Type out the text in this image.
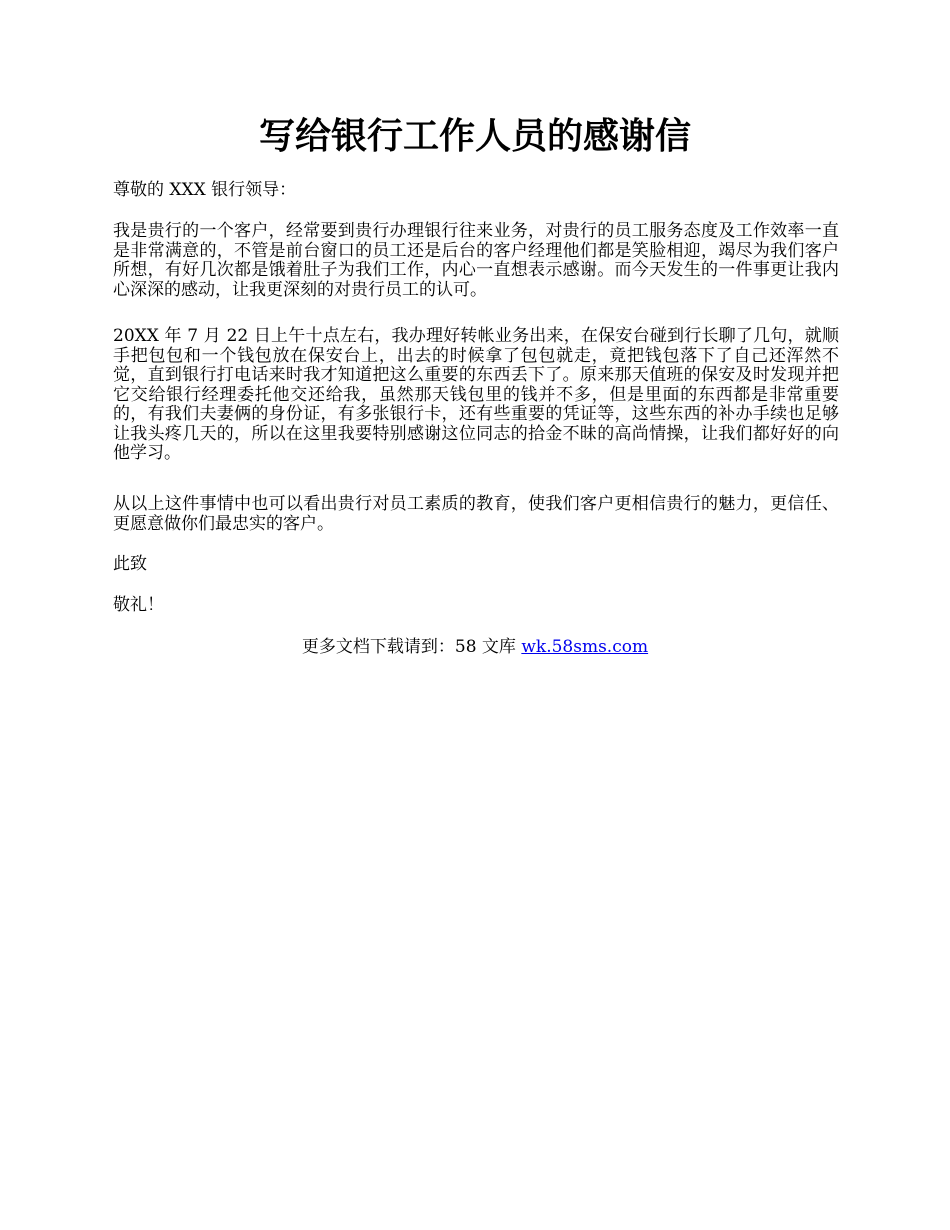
写给银行工作人员的感谢信

尊敬的 XXX 银行领导：

我是贵行的一个客户，经常要到贵行办理银行往来业务，对贵行的员工服务态度及工作效率一直是非常满意的，不管是前台窗口的员工还是后台的客户经理他们都是笑脸相迎，竭尽为我们客户所想，有好几次都是饿着肚子为我们工作，内心一直想表示感谢。而今天发生的一件事更让我内心深深的感动，让我更深刻的对贵行员工的认可。

20XX 年 7 月 22 日上午十点左右，我办理好转帐业务出来，在保安台碰到行长聊了几句，就顺手把包包和一个钱包放在保安台上，出去的时候拿了包包就走，竟把钱包落下了自己还浑然不觉，直到银行打电话来时我才知道把这么重要的东西丢下了。原来那天值班的保安及时发现并把它交给银行经理委托他交还给我，虽然那天钱包里的钱并不多，但是里面的东西都是非常重要的，有我们夫妻俩的身份证，有多张银行卡，还有些重要的凭证等，这些东西的补办手续也足够让我头疼几天的，所以在这里我要特别感谢这位同志的拾金不昧的高尚情操，让我们都好好的向他学习。

从以上这件事情中也可以看出贵行对员工素质的教育，使我们客户更相信贵行的魅力，更信任、更愿意做你们最忠实的客户。

此致

敬礼！

更多文档下载请到：58 文库 wk.58sms.com
